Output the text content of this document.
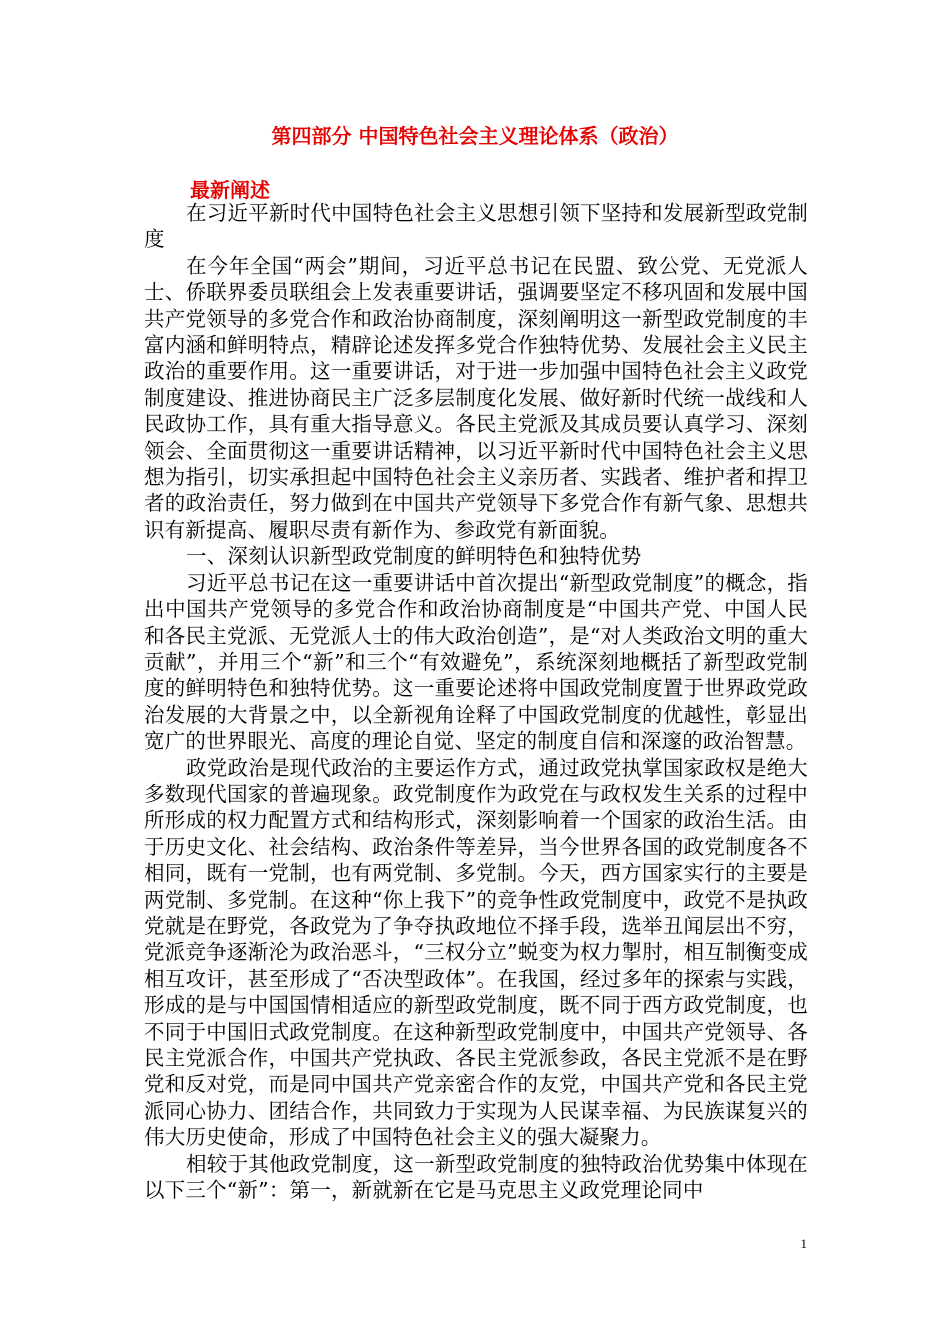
第四部分 中国特色社会主义理论体系（政治）
最新阐述

在习近平新时代中国特色社会主义思想引领下坚持和发展新型政党制度

在今年全国“两会”期间，习近平总书记在民盟、致公党、无党派人士、侨联界委员联组会上发表重要讲话，强调要坚定不移巩固和发展中国共产党领导的多党合作和政治协商制度，深刻阐明这一新型政党制度的丰富内涵和鲜明特点，精辟论述发挥多党合作独特优势、发展社会主义民主政治的重要作用。这一重要讲话，对于进一步加强中国特色社会主义政党制度建设、推进协商民主广泛多层制度化发展、做好新时代统一战线和人民政协工作，具有重大指导意义。各民主党派及其成员要认真学习、深刻领会、全面贯彻这一重要讲话精神，以习近平新时代中国特色社会主义思想为指引，切实承担起中国特色社会主义亲历者、实践者、维护者和捍卫者的政治责任，努力做到在中国共产党领导下多党合作有新气象、思想共识有新提高、履职尽责有新作为、参政党有新面貌。

一、深刻认识新型政党制度的鲜明特色和独特优势

习近平总书记在这一重要讲话中首次提出“新型政党制度”的概念，指出中国共产党领导的多党合作和政治协商制度是“中国共产党、中国人民和各民主党派、无党派人士的伟大政治创造”，是“对人类政治文明的重大贡献”，并用三个“新”和三个“有效避免”，系统深刻地概括了新型政党制度的鲜明特色和独特优势。这一重要论述将中国政党制度置于世界政党政治发展的大背景之中，以全新视角诠释了中国政党制度的优越性，彰显出宽广的世界眼光、高度的理论自觉、坚定的制度自信和深邃的政治智慧。

政党政治是现代政治的主要运作方式，通过政党执掌国家政权是绝大多数现代国家的普遍现象。政党制度作为政党在与政权发生关系的过程中所形成的权力配置方式和结构形式，深刻影响着一个国家的政治生活。由于历史文化、社会结构、政治条件等差异，当今世界各国的政党制度各不相同，既有一党制，也有两党制、多党制。今天，西方国家实行的主要是两党制、多党制。在这种“你上我下”的竞争性政党制度中，政党不是执政党就是在野党，各政党为了争夺执政地位不择手段，选举丑闻层出不穷，党派竞争逐渐沦为政治恶斗，“三权分立”蜕变为权力掣肘，相互制衡变成相互攻讦，甚至形成了“否决型政体”。在我国，经过多年的探索与实践，形成的是与中国国情相适应的新型政党制度，既不同于西方政党制度，也不同于中国旧式政党制度。在这种新型政党制度中，中国共产党领导、各民主党派合作，中国共产党执政、各民主党派参政，各民主党派不是在野党和反对党，而是同中国共产党亲密合作的友党，中国共产党和各民主党派同心协力、团结合作，共同致力于实现为人民谋幸福、为民族谋复兴的伟大历史使命，形成了中国特色社会主义的强大凝聚力。

相较于其他政党制度，这一新型政党制度的独特政治优势集中体现在以下三个“新”：第一，新就新在它是马克思主义政党理论同中

1
